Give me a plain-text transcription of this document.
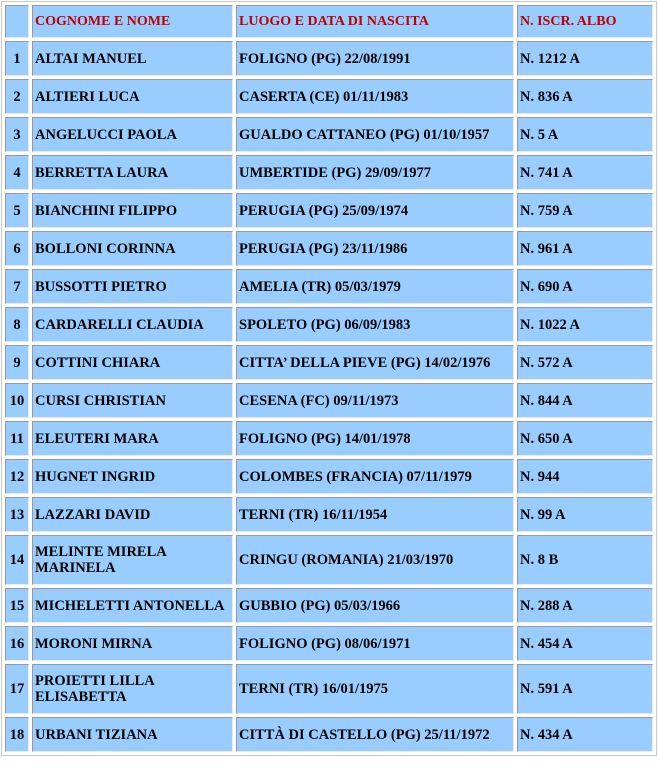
	COGNOME E NOME	LUOGO E DATA DI NASCITA	N. ISCR. ALBO
1	ALTAI MANUEL	FOLIGNO (PG) 22/08/1991	N. 1212 A
2	ALTIERI LUCA	CASERTA (CE) 01/11/1983	N. 836 A
3	ANGELUCCI PAOLA	GUALDO CATTANEO (PG) 01/10/1957	N. 5 A
4	BERRETTA LAURA	UMBERTIDE (PG) 29/09/1977	N. 741 A
5	BIANCHINI FILIPPO	PERUGIA (PG) 25/09/1974	N. 759 A
6	BOLLONI CORINNA	PERUGIA (PG) 23/11/1986	N. 961 A
7	BUSSOTTI PIETRO	AMELIA (TR) 05/03/1979	N. 690 A
8	CARDARELLI CLAUDIA	SPOLETO (PG) 06/09/1983	N. 1022 A
9	COTTINI CHIARA	CITTA’ DELLA PIEVE (PG) 14/02/1976	N. 572 A
10	CURSI CHRISTIAN	CESENA (FC) 09/11/1973	N. 844 A
11	ELEUTERI MARA	FOLIGNO (PG) 14/01/1978	N. 650 A
12	HUGNET INGRID	COLOMBES (FRANCIA) 07/11/1979	N. 944
13	LAZZARI DAVID	TERNI (TR) 16/11/1954	N. 99 A
14	MELINTE MIRELA MARINELA	CRINGU (ROMANIA) 21/03/1970	N. 8 B
15	MICHELETTI ANTONELLA	GUBBIO (PG) 05/03/1966	N. 288 A
16	MORONI MIRNA	FOLIGNO (PG) 08/06/1971	N. 454 A
17	PROIETTI LILLA ELISABETTA	TERNI (TR) 16/01/1975	N. 591 A
18	URBANI TIZIANA	CITTÀ DI CASTELLO (PG) 25/11/1972	N. 434 A
